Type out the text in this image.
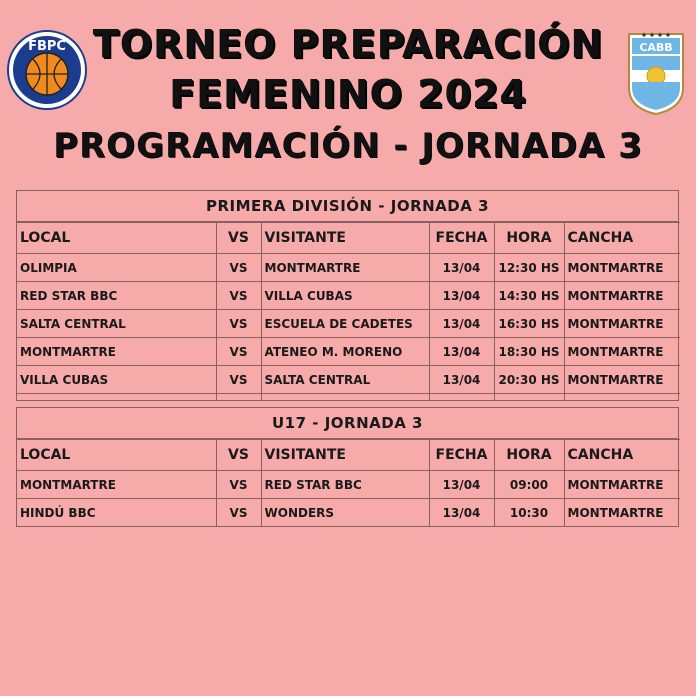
FBPC TORNEO PREPARACIÓN
FEMENINO 2024
CABB
PROGRAMACIÓN - JORNADA 3
PRIMERA DIVISIÓN - JORNADA 3
LOCAL	VS	VISITANTE	FECHA	HORA	CANCHA
OLIMPIA	VS	MONTMARTRE	13/04	12:30 HS	MONTMARTRE
RED STAR BBC	VS	VILLA CUBAS	13/04	14:30 HS	MONTMARTRE
SALTA CENTRAL	VS	ESCUELA DE CADETES	13/04	16:30 HS	MONTMARTRE
MONTMARTRE	VS	ATENEO M. MORENO	13/04	18:30 HS	MONTMARTRE
VILLA CUBAS	VS	SALTA CENTRAL	13/04	20:30 HS	MONTMARTRE

U17 - JORNADA 3
LOCAL	VS	VISITANTE	FECHA	HORA	CANCHA
MONTMARTRE	VS	RED STAR BBC	13/04	09:00	MONTMARTRE
HINDÚ BBC	VS	WONDERS	13/04	10:30	MONTMARTRE
